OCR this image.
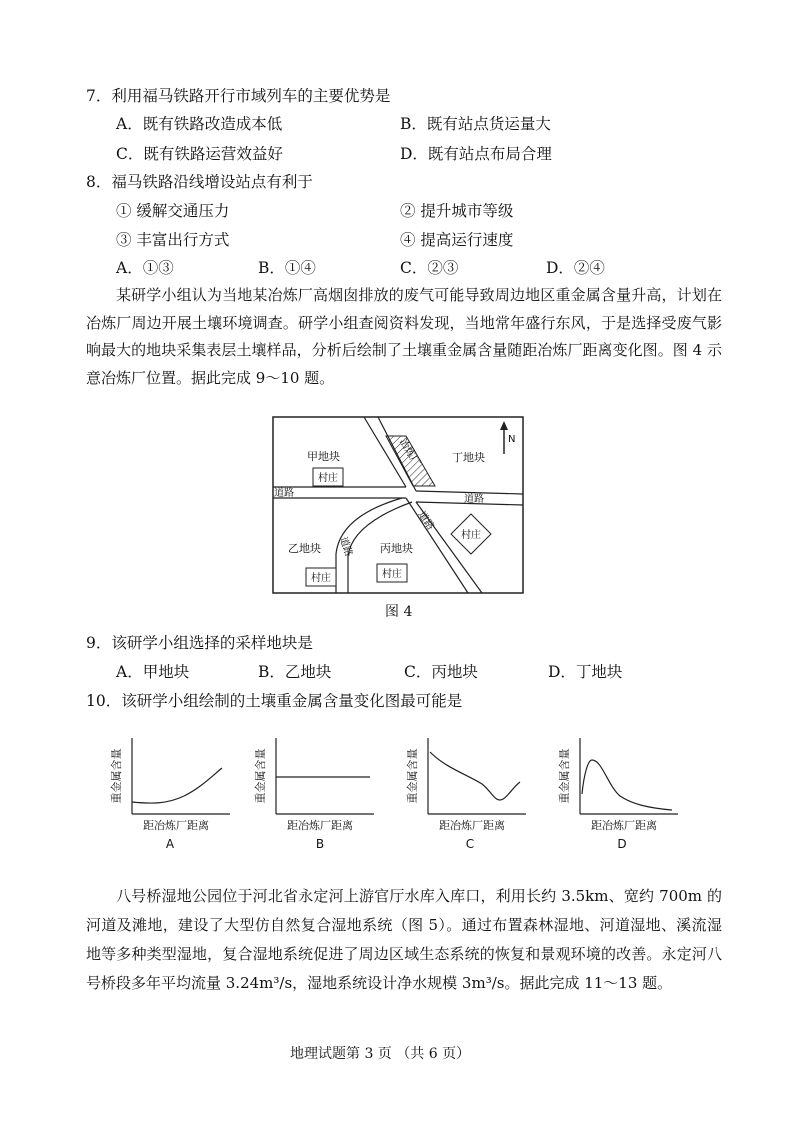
7．利用福马铁路开行市域列车的主要优势是
A．既有铁路改造成本低	B．既有站点货运量大
C．既有铁路运营效益好	D．既有站点布局合理
8．福马铁路沿线增设站点有利于
① 缓解交通压力	② 提升城市等级
③ 丰富出行方式	④ 提高运行速度
A．①③	B．①④	C．②③	D．②④

某研学小组认为当地某冶炼厂高烟囱排放的废气可能导致周边地区重金属含量升高，计划在冶炼厂周边开展土壤环境调查。研学小组查阅资料发现，当地常年盛行东风，于是选择受废气影响最大的地块采集表层土壤样品，分析后绘制了土壤重金属含量随距冶炼厂距离变化图。图 4 示意冶炼厂位置。据此完成 9～10 题。

冶炼厂	N
甲地块	丁地块
乙地块	丙地块
村庄
村庄	村庄
村庄
道路
道路
道路
道路
图 4
9．该研学小组选择的采样地块是
A．甲地块	B．乙地块	C．丙地块	D．丁地块
10．该研学小组绘制的土壤重金属含量变化图最可能是
重金属含量
距冶炼厂距离
A
重金属含量
距冶炼厂距离
B
重金属含量
距冶炼厂距离
C
重金属含量
距冶炼厂距离
D

八号桥湿地公园位于河北省永定河上游官厅水库入库口，利用长约 3.5km、宽约 700m 的河道及滩地，建设了大型仿自然复合湿地系统（图 5）。通过布置森林湿地、河道湿地、溪流湿地等多种类型湿地，复合湿地系统促进了周边区域生态系统的恢复和景观环境的改善。永定河八号桥段多年平均流量 3.24m³/s，湿地系统设计净水规模 3m³/s。据此完成 11～13 题。

地理试题第 3 页 （共 6 页）
